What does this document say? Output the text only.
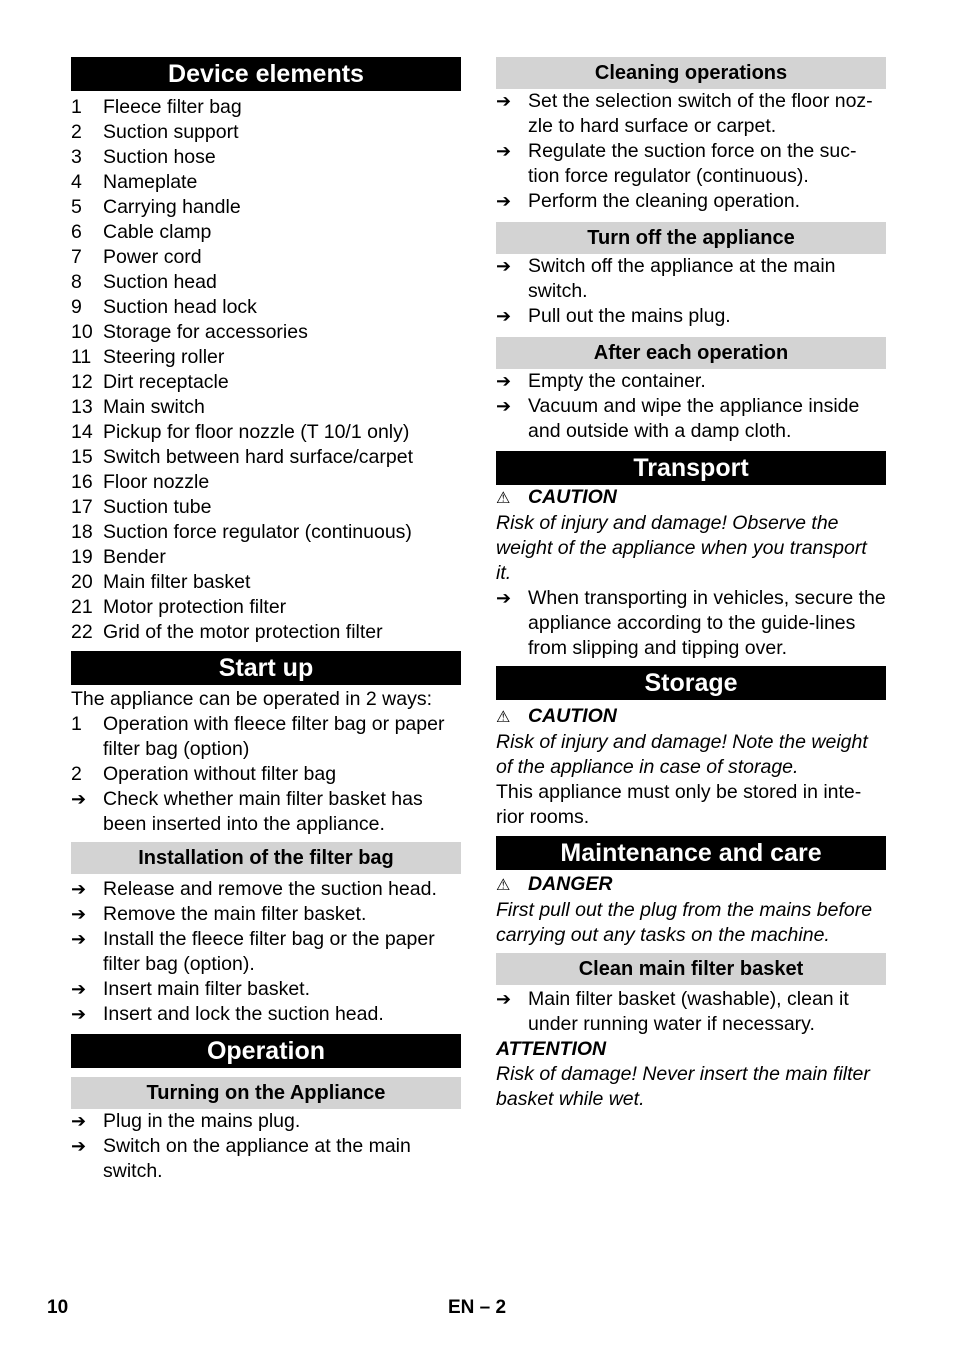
Device elements
1	Fleece filter bag
2	Suction support
3	Suction hose
4	Nameplate
5	Carrying handle
6	Cable clamp
7	Power cord
8	Suction head
9	Suction head lock
10 Storage for accessories
11 Steering roller
12 Dirt receptacle
13 Main switch
14 Pickup for floor nozzle (T 10/1 only)
15 Switch between hard surface/carpet
16 Floor nozzle
17 Suction tube
18 Suction force regulator (continuous)
19 Bender
20 Main filter basket
21 Motor protection filter
22 Grid of the motor protection filter
Start up
The appliance can be operated in 2 ways:
1	Operation with fleece filter bag or paper filter bag (option)
2	Operation without filter bag
➔ Check whether main filter basket has been inserted into the appliance.
Installation of the filter bag
➔ Release and remove the suction head.
➔ Remove the main filter basket.
➔ Install the fleece filter bag or the paper filter bag (option).
➔ Insert main filter basket.
➔ Insert and lock the suction head.
Operation
Turning on the Appliance
➔ Plug in the mains plug.
➔ Switch on the appliance at the main switch.
Cleaning operations
➔ Set the selection switch of the floor noz-zle to hard surface or carpet.
➔ Regulate the suction force on the suc-tion force regulator (continuous).
➔ Perform the cleaning operation.
Turn off the appliance
➔ Switch off the appliance at the main switch.
➔ Pull out the mains plug.
After each operation
➔ Empty the container.
➔ Vacuum and wipe the appliance inside and outside with a damp cloth.
Transport
⚠ CAUTION
Risk of injury and damage! Observe the weight of the appliance when you transport it.
➔ When transporting in vehicles, secure the appliance according to the guide-lines from slipping and tipping over.
Storage
⚠ CAUTION
Risk of injury and damage! Note the weight of the appliance in case of storage.
This appliance must only be stored in inte-rior rooms.
Maintenance and care
⚠ DANGER
First pull out the plug from the mains before carrying out any tasks on the machine.
Clean main filter basket
➔ Main filter basket (washable), clean it under running water if necessary.
ATTENTION
Risk of damage! Never insert the main filter basket while wet.
10	EN – 2
